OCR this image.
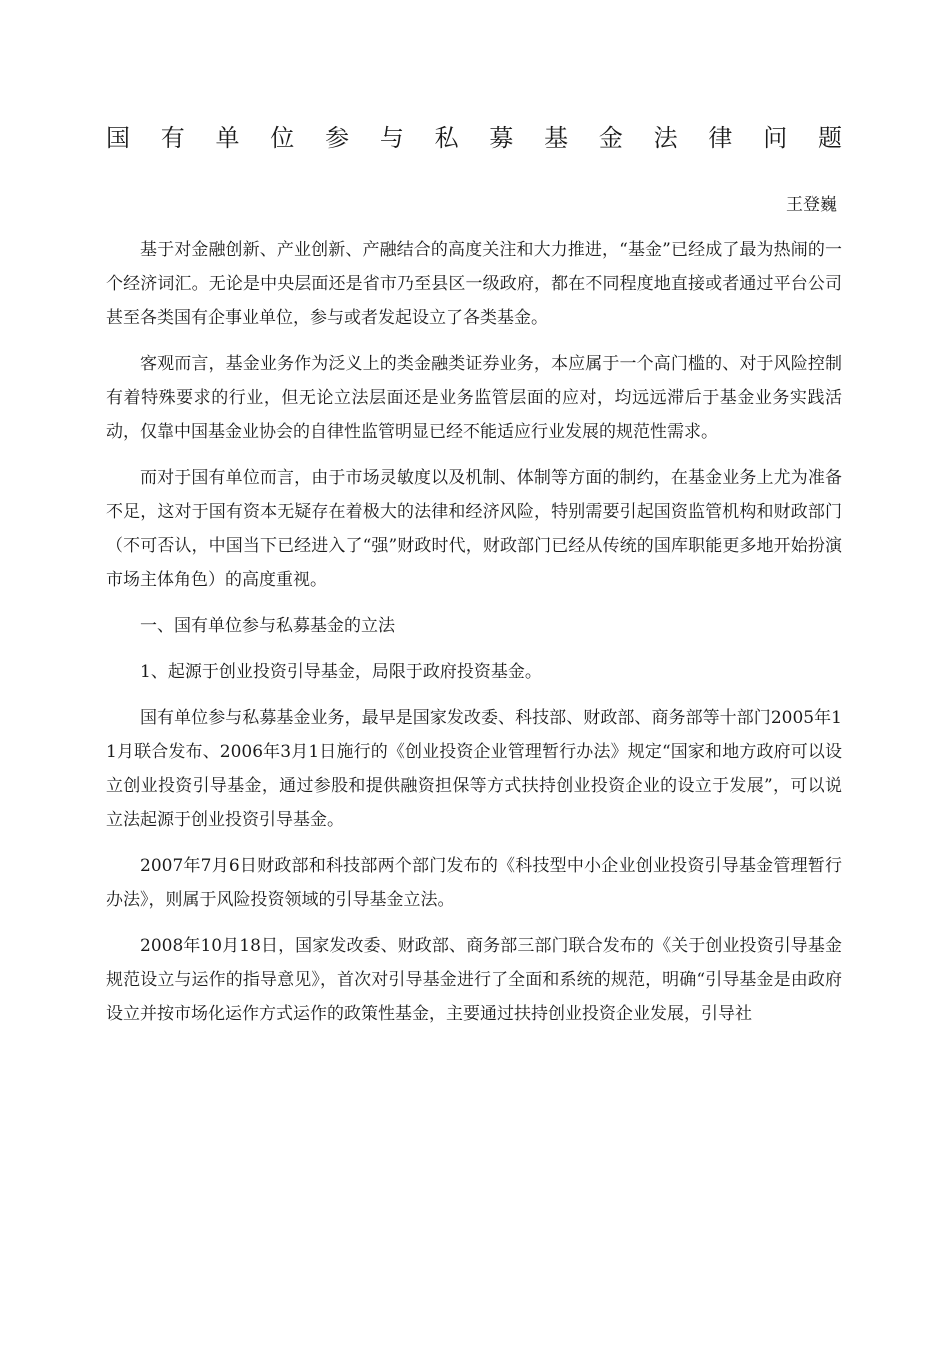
国 有 单 位 参 与 私 募 基 金 法 律 问 题
王登巍

基于对金融创新、产业创新、产融结合的高度关注和大力推进，“基金”已经成了最为热闹的一个经济词汇。无论是中央层面还是省市乃至县区一级政府，都在不同程度地直接或者通过平台公司甚至各类国有企事业单位，参与或者发起设立了各类基金。

客观而言，基金业务作为泛义上的类金融类证券业务，本应属于一个高门槛的、对于风险控制有着特殊要求的行业，但无论立法层面还是业务监管层面的应对，均远远滞后于基金业务实践活动，仅靠中国基金业协会的自律性监管明显已经不能适应行业发展的规范性需求。

而对于国有单位而言，由于市场灵敏度以及机制、体制等方面的制约，在基金业务上尤为准备不足，这对于国有资本无疑存在着极大的法律和经济风险，特别需要引起国资监管机构和财政部门（不可否认，中国当下已经进入了“强”财政时代，财政部门已经从传统的国库职能更多地开始扮演市场主体角色）的高度重视。

一、国有单位参与私募基金的立法

1、起源于创业投资引导基金，局限于政府投资基金。

国有单位参与私募基金业务，最早是国家发改委、科技部、财政部、商务部等十部门2005年11月联合发布、2006年3月1日施行的《创业投资企业管理暂行办法》规定“国家和地方政府可以设立创业投资引导基金，通过参股和提供融资担保等方式扶持创业投资企业的设立于发展”，可以说立法起源于创业投资引导基金。

2007年7月6日财政部和科技部两个部门发布的《科技型中小企业创业投资引导基金管理暂行办法》，则属于风险投资领域的引导基金立法。

2008年10月18日，国家发改委、财政部、商务部三部门联合发布的《关于创业投资引导基金规范设立与运作的指导意见》，首次对引导基金进行了全面和系统的规范，明确“引导基金是由政府设立并按市场化运作方式运作的政策性基金，主要通过扶持创业投资企业发展，引导社
